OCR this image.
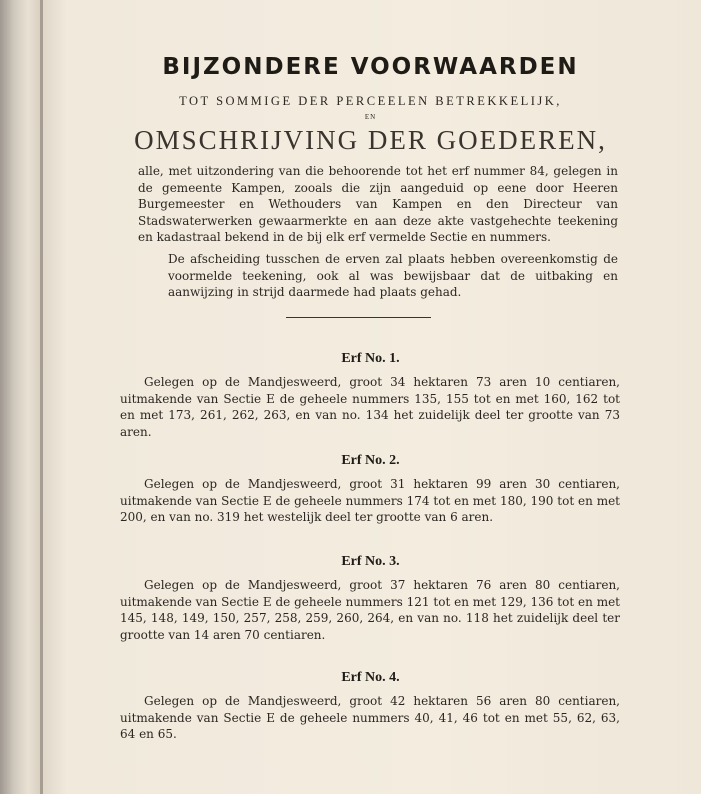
BIJZONDERE VOORWAARDEN
TOT SOMMIGE DER PERCEELEN BETREKKELIJK,
EN
OMSCHRIJVING DER GOEDEREN,
alle, met uitzondering van die behoorende tot het erf nummer 84, gelegen in de gemeente Kampen, zooals die zijn aangeduid op eene door Heeren Burgemeester en Wethouders van Kampen en den Directeur van Stadswaterwerken gewaarmerkte en aan deze akte vastgehechte teekening en kadastraal bekend in de bij elk erf vermelde Sectie en nummers.
De afscheiding tusschen de erven zal plaats hebben overeenkomstig de voormelde teekening, ook al was bewijsbaar dat de uitbaking en aanwijzing in strijd daarmede had plaats gehad.
Erf No. 1.
Gelegen op de Mandjesweerd, groot 34 hektaren 73 aren 10 centiaren, uitmakende van Sectie E de geheele nummers 135, 155 tot en met 160, 162 tot en met 173, 261, 262, 263, en van no. 134 het zuidelijk deel ter grootte van 73 aren.
Erf No. 2.
Gelegen op de Mandjesweerd, groot 31 hektaren 99 aren 30 centiaren, uitmakende van Sectie E de geheele nummers 174 tot en met 180, 190 tot en met 200, en van no. 319 het westelijk deel ter grootte van 6 aren.
Erf No. 3.
Gelegen op de Mandjesweerd, groot 37 hektaren 76 aren 80 centiaren, uitmakende van Sectie E de geheele nummers 121 tot en met 129, 136 tot en met 145, 148, 149, 150, 257, 258, 259, 260, 264, en van no. 118 het zuidelijk deel ter grootte van 14 aren 70 centiaren.
Erf No. 4.
Gelegen op de Mandjesweerd, groot 42 hektaren 56 aren 80 centiaren, uitmakende van Sectie E de geheele nummers 40, 41, 46 tot en met 55, 62, 63, 64 en 65.
